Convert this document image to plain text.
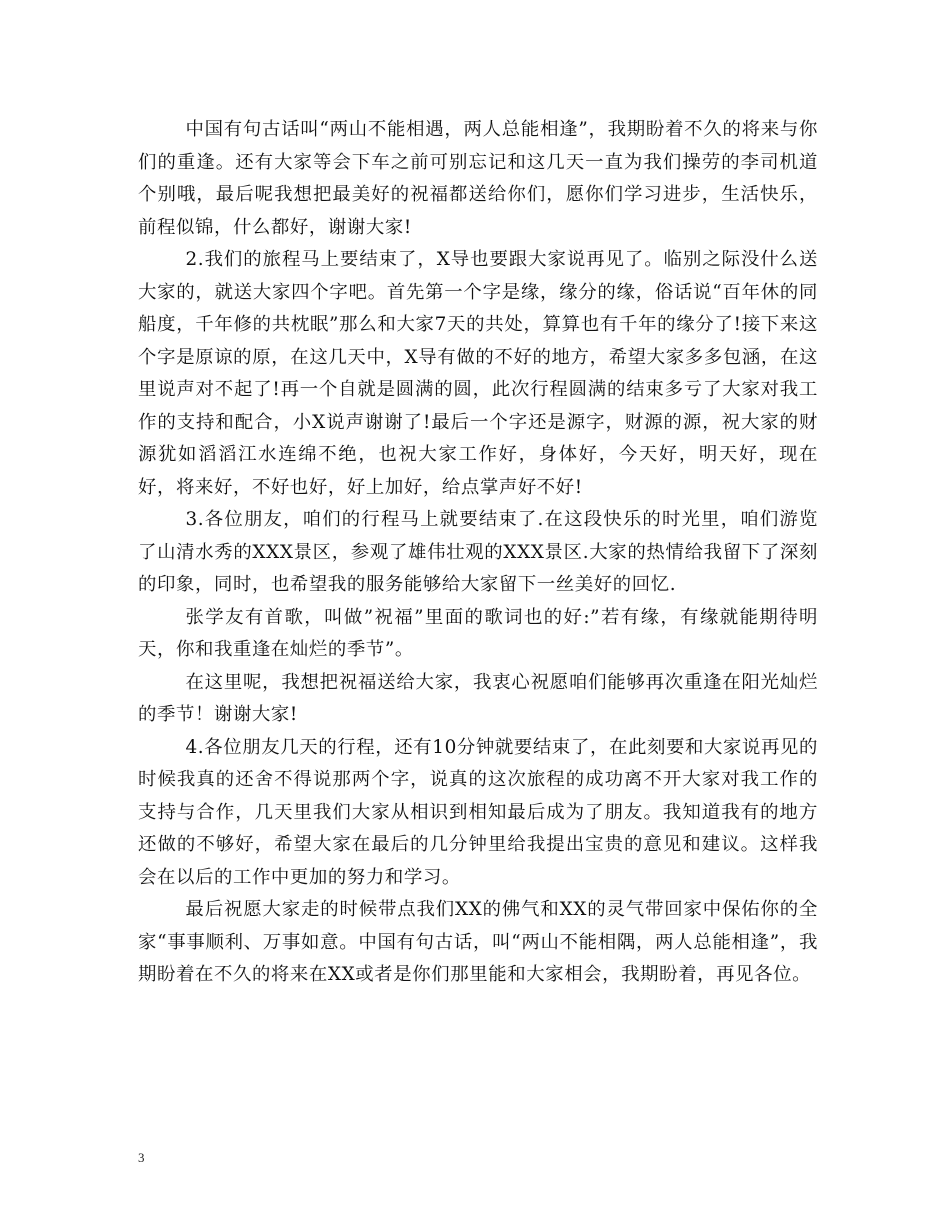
中国有句古话叫“两山不能相遇，两人总能相逢”，我期盼着不久的将来与你们的重逢。还有大家等会下车之前可别忘记和这几天一直为我们操劳的李司机道个别哦，最后呢我想把最美好的祝福都送给你们，愿你们学习进步，生活快乐，前程似锦，什么都好，谢谢大家!

2.我们的旅程马上要结束了，X导也要跟大家说再见了。临别之际没什么送大家的，就送大家四个字吧。首先第一个字是缘，缘分的缘，俗话说“百年休的同船度，千年修的共枕眠”那么和大家7天的共处，算算也有千年的缘分了!接下来这个字是原谅的原，在这几天中，X导有做的不好的地方，希望大家多多包涵，在这里说声对不起了!再一个自就是圆满的圆，此次行程圆满的结束多亏了大家对我工作的支持和配合，小X说声谢谢了!最后一个字还是源字，财源的源，祝大家的财源犹如滔滔江水连绵不绝，也祝大家工作好，身体好，今天好，明天好，现在好，将来好，不好也好，好上加好，给点掌声好不好!

3.各位朋友，咱们的行程马上就要结束了.在这段快乐的时光里，咱们游览了山清水秀的XXX景区，参观了雄伟壮观的XXX景区.大家的热情给我留下了深刻的印象，同时，也希望我的服务能够给大家留下一丝美好的回忆.

张学友有首歌，叫做”祝福”里面的歌词也的好:”若有缘，有缘就能期待明天，你和我重逢在灿烂的季节”。

在这里呢，我想把祝福送给大家，我衷心祝愿咱们能够再次重逢在阳光灿烂的季节！谢谢大家!

4.各位朋友几天的行程，还有10分钟就要结束了，在此刻要和大家说再见的时候我真的还舍不得说那两个字，说真的这次旅程的成功离不开大家对我工作的支持与合作，几天里我们大家从相识到相知最后成为了朋友。我知道我有的地方还做的不够好，希望大家在最后的几分钟里给我提出宝贵的意见和建议。这样我会在以后的工作中更加的努力和学习。

最后祝愿大家走的时候带点我们XX的佛气和XX的灵气带回家中保佑你的全家“事事顺利、万事如意。中国有句古话，叫“两山不能相隅，两人总能相逢”，我期盼着在不久的将来在XX或者是你们那里能和大家相会，我期盼着，再见各位。

3
